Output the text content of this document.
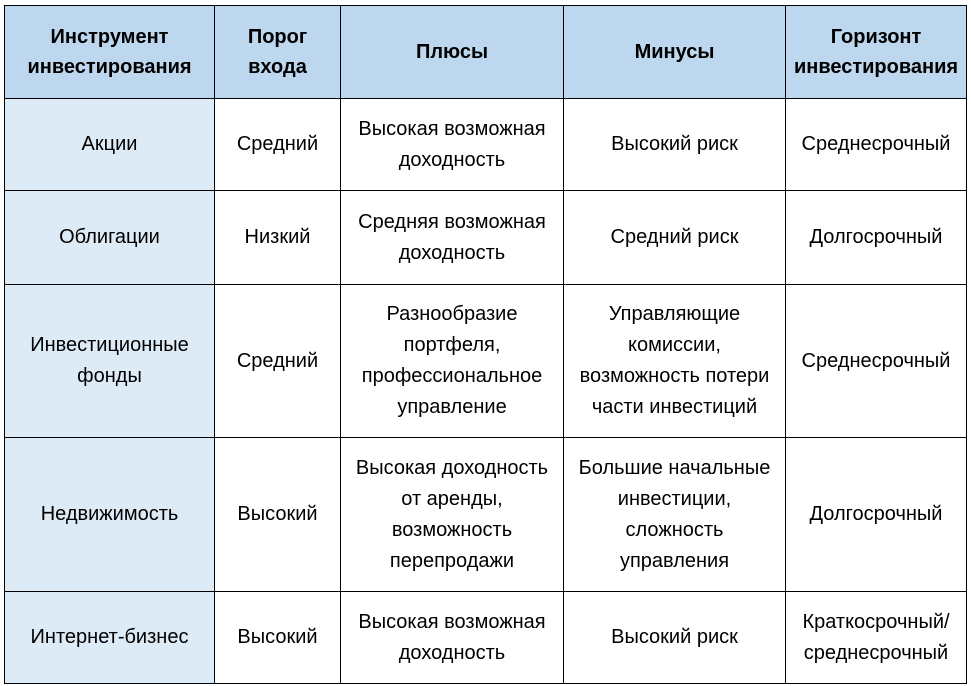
Инструмент инвестирования	Порог входа	Плюсы	Минусы	Горизонт инвестирования
Акции	Средний	Высокая возможная доходность	Высокий риск	Среднесрочный
Облигации	Низкий	Средняя возможная доходность	Средний риск	Долгосрочный
Инвестиционные фонды	Средний	Разнообразие портфеля, профессиональное управление	Управляющие комиссии, возможность потери части инвестиций	Среднесрочный
Недвижимость	Высокий	Высокая доходность от аренды, возможность перепродажи	Большие начальные инвестиции, сложность управления	Долгосрочный
Интернет-бизнес	Высокий	Высокая возможная доходность	Высокий риск	Краткосрочный/ среднесрочный
